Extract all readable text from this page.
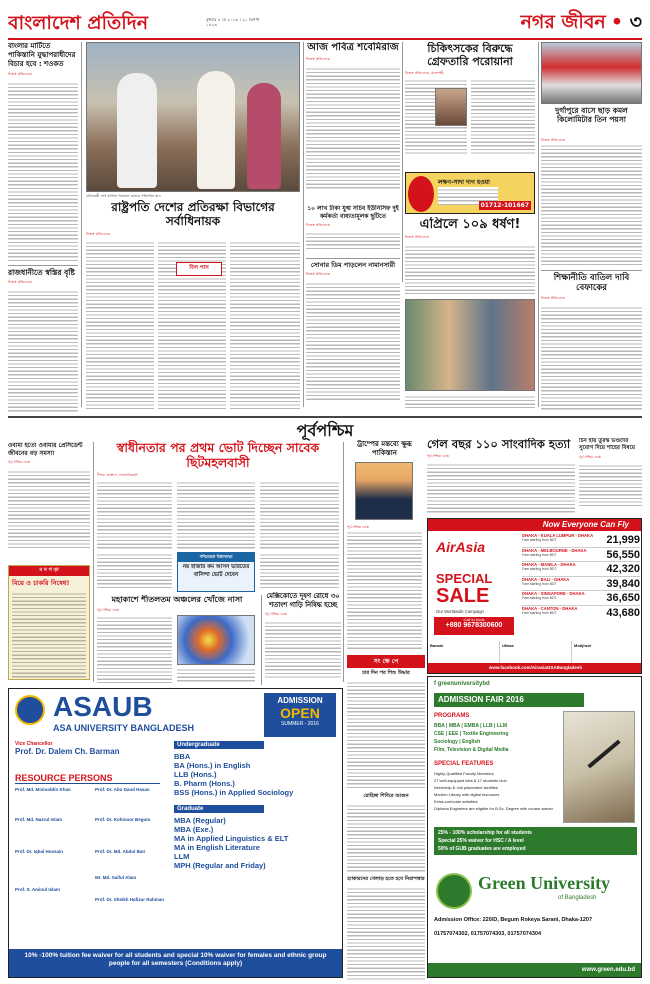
বাংলাদেশ প্রতিদিন	বুধবার ৪ মে ২০১৬ । ২১ বৈশাখ ১৪২৩	নগর জীবন • ৩
বাংলার মাটিতে পাকিস্তানি যুদ্ধাপরাধীদের বিচার হবে : শওকত
নিজস্ব প্রতিবেদক
রাজধানীতে স্বস্তির বৃষ্টি
নিজস্ব প্রতিবেদক
প্রধানমন্ত্রী শেখ হাসিনা গতকাল কাতার পরিদর্শনে যান
রাষ্ট্রপতি দেশের প্রতিরক্ষা বিভাগের সর্বাধিনায়ক
নিজস্ব প্রতিবেদক
বিল পাস
আজ পবিত্র শবেমিরাজ
নিজস্ব প্রতিবেদক
১০ লাখ টাকা যুগ্ম সচিব ইউনিসিফ দুই কর্মকর্তা বাধ্যতামূলক ছুটিতে
নিজস্ব প্রতিবেদক
সোনার ডিম পাড়লেন নামানসারী
নিজস্ব প্রতিবেদক
চিকিৎসকের বিরুদ্ধে গ্রেফতারি পরোয়ানা
নিজস্ব প্রতিবেদক, রাজশাহী
লক্ষণ-সাদা দাগ হওয়া
01712-101667
এপ্রিলে ১০৯ ধর্ষণ!
নিজস্ব প্রতিবেদক
দুর্গাপুরে বাসে ছাড় কমল কিলোমিটার তিন পয়সা
নিজস্ব প্রতিবেদক
শিক্ষানীতি বাতিল দাবি বেফাকের
নিজস্ব প্রতিবেদক
পূর্বপশ্চিম
ওবামা হতো ওবামার প্রেসিডেন্ট জীবনের বড় সমস্যা
পূর্ব-পশ্চিম ডেস্ক
ম ন গ ড়া
বিয়ে ও চাকরি নিষেধ!
স্বাধীনতার পর প্রথম ভোট দিচ্ছেন সাবেক ছিটমহলবাসী
দীপক মোস্তফা, লালমনিরহাট
পশ্চিমবঙ্গে বিধানসভা
নয় হাজার কম আসন ভারতের
বাসিন্দা ভোট দেবেন
মহাকাশে শীতলতম অঞ্চলের খোঁজে নাসা
পূর্ব-পশ্চিম ডেস্ক
মেক্সিকোতে দূষণ রোধে ৩০ শতাংশ গাড়ি নিষিদ্ধ হচ্ছে
পূর্ব-পশ্চিম ডেস্ক
ট্রাম্পের মন্তব্যে ক্ষুব্ধ পাকিস্তান
পূর্ব-পশ্চিম ডেস্ক
গেল বছর ১১০ সাংবাদিক হত্যা
পূর্ব-পশ্চিম ডেস্ক
চিন হায় তুরস্ক ভণ্ডদের সুযোগ দিয়ে শাহের বিষয়ে
পূর্ব-পশ্চিম ডেস্ক
সং ক্ষে পে
চার দিন পর শিশু উদ্ধার
রোহিঙ্গা শিবিরে আগুন
হ্যাকারদের খেলাড় হতে হবে নিরাপত্তার
Now Everyone Can Fly
AirAsia
SPECIAL
SALE
Our Worldwide Campaign
Call to book
+880 9678300600
DHAKA - KUALA LUMPUR - DHAKA
Fare starting from BDT	21,999
DHAKA - MELBOURNE - DHAKA
Fare starting from BDT	56,550
DHAKA - MANILA - DHAKA
Fare starting from BDT	42,320
DHAKA - BALI - DHAKA
Fare starting from BDT	39,840
DHAKA - SINGAPORE - DHAKA
Fare starting from BDT	36,650
DHAKA - CANTON - DHAKA
Fare starting from BDT	43,680
Banani	Uttara	Motijheel
www.facebook.com/AirasiaGSABangladesh
ASAUB
ASA UNIVERSITY BANGLADESH
ADMISSION
OPEN
SUMMER - 2016
Vice Chancellor
Prof. Dr. Dalem Ch. Barman
RESOURCE PERSONS
Prof. Md. Moinuddin Khan
Prof. Md. Nazrul Islam
Prof. Dr. Iqbal Hossain
Prof. S. Aminul Islam
Prof. Dr. Abu Daud Hasan
Prof. Dr. Kohinoor Begum
Prof. Dr. Md. Abdul Bari
Mr. Md. Saiful Alam
Prof. Dr. Sheikh Hafizur Rahman
Undergraduate
BBA
BA (Hons.) in English
LLB (Hons.)
B. Pharm (Hons.)
BSS (Hons.) in Applied Sociology
Graduate
MBA (Regular)
MBA (Exe.)
MA in Applied Linguistics & ELT
MA in English Literature
LLM
MPH (Regular and Friday)
10% -100% tuition fee waiver for all students and special 10% waiver for females and ethnic group people for all semesters (Conditions apply)
f greenuniversitybd
ADMISSION FAIR 2016
PROGRAMS
BBA | MBA | EMBA | LLB | LLM
CSE | EEE | Textile Engineering
Sociology | English
Film, Television & Digital Media
SPECIAL FEATURES
Highly Qualified Faculty Members
27 well-equipped labs & 17 students club
Internship & Job placement facilities
Modern Library with digital resources
Extra-curricular activities
Diploma Engineers are eligible for B.Sc. Degree with course waiver
25% - 100% scholarship for all students
Special 25% waiver for HSC / A level
50% of GUB graduates are employed
Green University
of Bangladesh
Admission Office: 220/D, Begum Rokeya Sarani, Dhaka-1207
01757074302, 01757074303, 01757074304
www.green.edu.bd
